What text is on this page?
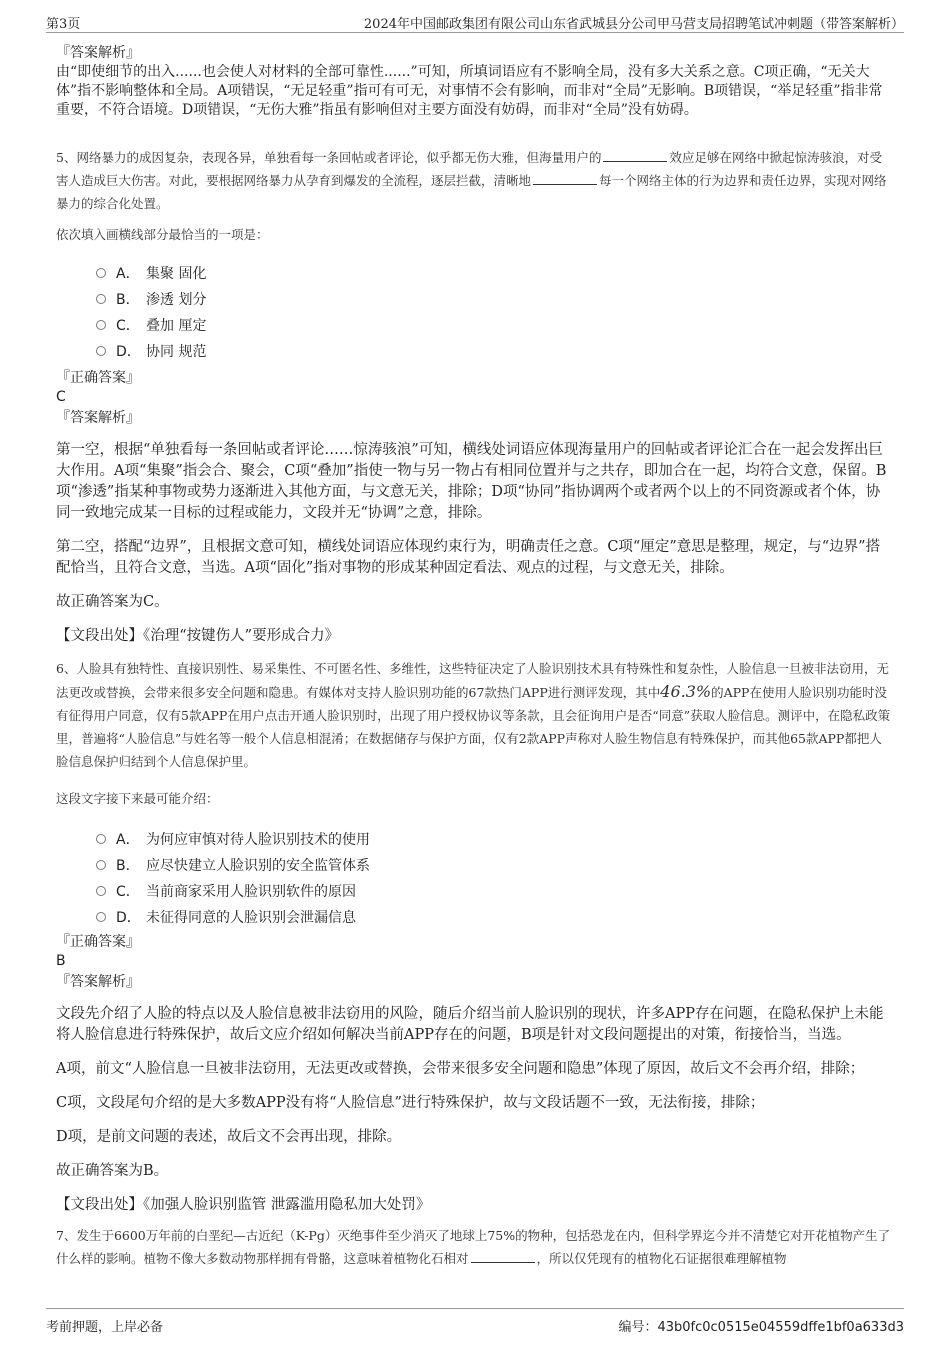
第3页	2024年中国邮政集团有限公司山东省武城县分公司甲马营支局招聘笔试冲刺题（带答案解析）

『答案解析』

由“即使细节的出入......也会使人对材料的全部可靠性......”可知，所填词语应有不影响全局，没有多大关系之意。C项正确，“无关大体”指不影响整体和全局。A项错误，“无足轻重”指可有可无，对事情不会有影响，而非对“全局”无影响。B项错误，“举足轻重”指非常重要，不符合语境。D项错误，“无伤大雅”指虽有影响但对主要方面没有妨碍，而非对“全局”没有妨碍。

5、网络暴力的成因复杂，表现各异，单独看每一条回帖或者评论，似乎都无伤大雅，但海量用户的	效应足够在网络中掀起惊涛骇浪，对受害人造成巨大伤害。对此，要根据网络暴力从孕育到爆发的全流程，逐层拦截，清晰地	每一个网络主体的行为边界和责任边界，实现对网络暴力的综合化处置。

依次填入画横线部分最恰当的一项是：

A． 集聚 固化
B． 渗透 划分
C． 叠加 厘定
D． 协同 规范

『正确答案』

C

『答案解析』

第一空，根据“单独看每一条回帖或者评论……惊涛骇浪”可知，横线处词语应体现海量用户的回帖或者评论汇合在一起会发挥出巨大作用。A项“集聚”指会合、聚会，C项“叠加”指使一物与另一物占有相同位置并与之共存，即加合在一起，均符合文意，保留。B项“渗透”指某种事物或势力逐渐进入其他方面，与文意无关，排除；D项“协同”指协调两个或者两个以上的不同资源或者个体，协同一致地完成某一目标的过程或能力，文段并无“协调”之意，排除。

第二空，搭配“边界”，且根据文意可知，横线处词语应体现约束行为，明确责任之意。C项“厘定”意思是整理，规定，与“边界”搭配恰当，且符合文意，当选。A项“固化”指对事物的形成某种固定看法、观点的过程，与文意无关，排除。

故正确答案为C。

【文段出处】《治理“按键伤人”要形成合力》

6、人脸具有独特性、直接识别性、易采集性、不可匿名性、多维性，这些特征决定了人脸识别技术具有特殊性和复杂性，人脸信息一旦被非法窃用，无法更改或替换，会带来很多安全问题和隐患。有媒体对支持人脸识别功能的67款热门APP进行测评发现，其中46.3%的APP在使用人脸识别功能时没有征得用户同意，仅有5款APP在用户点击开通人脸识别时，出现了用户授权协议等条款，且会征询用户是否“同意”获取人脸信息。测评中，在隐私政策里，普遍将“人脸信息”与姓名等一般个人信息相混淆；在数据储存与保护方面，仅有2款APP声称对人脸生物信息有特殊保护，而其他65款APP都把人脸信息保护归结到个人信息保护里。

这段文字接下来最可能介绍：

A． 为何应审慎对待人脸识别技术的使用
B． 应尽快建立人脸识别的安全监管体系
C． 当前商家采用人脸识别软件的原因
D． 未征得同意的人脸识别会泄漏信息

『正确答案』

B

『答案解析』

文段先介绍了人脸的特点以及人脸信息被非法窃用的风险，随后介绍当前人脸识别的现状，许多APP存在问题，在隐私保护上未能将人脸信息进行特殊保护，故后文应介绍如何解决当前APP存在的问题，B项是针对文段问题提出的对策，衔接恰当，当选。

A项，前文“人脸信息一旦被非法窃用，无法更改或替换，会带来很多安全问题和隐患”体现了原因，故后文不会再介绍，排除；

C项，文段尾句介绍的是大多数APP没有将“人脸信息”进行特殊保护，故与文段话题不一致，无法衔接，排除；

D项，是前文问题的表述，故后文不会再出现，排除。

故正确答案为B。

【文段出处】《加强人脸识别监管 泄露滥用隐私加大处罚》

7、发生于6600万年前的白垩纪—古近纪（K-Pg）灭绝事件至少消灭了地球上75%的物种，包括恐龙在内，但科学界迄今并不清楚它对开花植物产生了什么样的影响。植物不像大多数动物那样拥有骨骼，这意味着植物化石相对	，所以仅凭现有的植物化石证据很难理解植物

考前押题，上岸必备	编号：43b0fc0c0515e04559dffe1bf0a633d3
